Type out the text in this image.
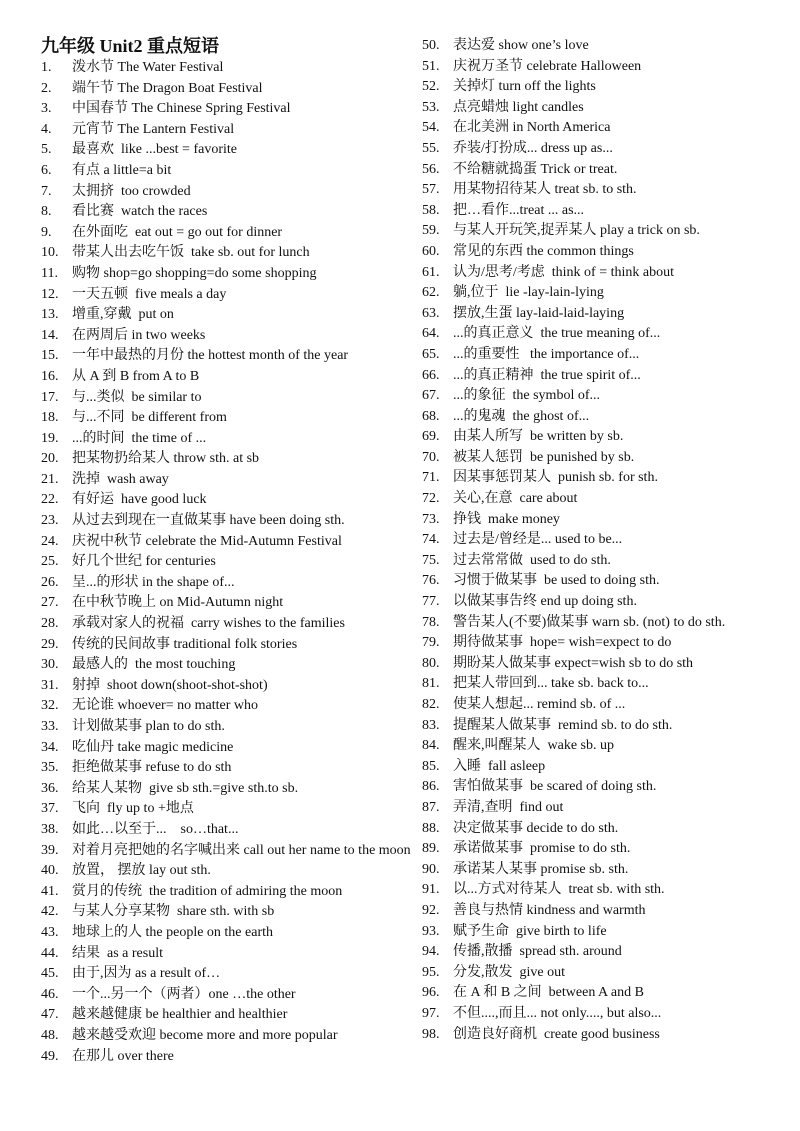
九年级 Unit2 重点短语
1.	泼水节 The Water Festival
2.	端午节 The Dragon Boat Festival
3.	中国春节 The Chinese Spring Festival
4.	元宵节 The Lantern Festival
5.	最喜欢  like ...best = favorite
6.	有点 a little=a bit
7.	太拥挤  too crowded
8.	看比赛  watch the races
9.	在外面吃  eat out = go out for dinner
10. 带某人出去吃午饭  take sb. out for lunch
11.	购物 shop=go shopping=do some shopping
12. 一天五顿  five meals a day
13. 增重,穿戴  put on
14. 在两周后 in two weeks
15. 一年中最热的月份 the hottest month of the year
16. 从 A 到 B from A to B
17. 与...类似  be similar to
18. 与...不同  be different from
19. ...的时间  the time of ...
20. 把某物扔给某人 throw sth. at sb
21. 洗掉  wash away
22. 有好运  have good luck
23. 从过去到现在一直做某事 have been doing sth.
24. 庆祝中秋节 celebrate the Mid-Autumn Festival
25. 好几个世纪 for centuries
26. 呈...的形状 in the shape of...
27. 在中秋节晚上 on Mid-Autumn night
28. 承载对家人的祝福  carry wishes to the families
29. 传统的民间故事 traditional folk stories
30. 最感人的  the most touching
31. 射掉  shoot down(shoot-shot-shot)
32. 无论谁 whoever= no matter who
33. 计划做某事 plan to do sth.
34. 吃仙丹 take magic medicine
35. 拒绝做某事 refuse to do sth
36. 给某人某物  give sb sth.=give sth.to sb.
37. 飞向  fly up to +地点
38. 如此…以至于...    so…that...
39. 对着月亮把她的名字喊出来 call out her name to the moon
40. 放置， 摆放 lay out sth.
41. 赏月的传统  the tradition of admiring the moon
42. 与某人分享某物  share sth. with sb
43. 地球上的人 the people on the earth
44. 结果  as a result
45. 由于,因为 as a result of…
46. 一个...另一个（两者）one …the other
47. 越来越健康 be healthier and healthier
48. 越来越受欢迎 become more and more popular
49. 在那儿 over there
50. 表达爱 show one’s love
51. 庆祝万圣节 celebrate Halloween
52. 关掉灯 turn off the lights
53. 点亮蜡烛 light candles
54. 在北美洲 in North America
55. 乔装/打扮成... dress up as...
56. 不给糖就捣蛋 Trick or treat.
57. 用某物招待某人 treat sb. to sth.
58. 把…看作...treat ... as...
59. 与某人开玩笑,捉弄某人 play a trick on sb.
60. 常见的东西 the common things
61. 认为/思考/考虑  think of = think about
62. 躺,位于  lie -lay-lain-lying
63. 摆放,生蛋 lay-laid-laid-laying
64. ...的真正意义  the true meaning of...
65. ...的重要性   the importance of...
66. ...的真正精神  the true spirit of...
67. ...的象征  the symbol of...
68. ...的鬼魂  the ghost of...
69. 由某人所写  be written by sb.
70. 被某人惩罚  be punished by sb.
71. 因某事惩罚某人  punish sb. for sth.
72. 关心,在意  care about
73. 挣钱  make money
74. 过去是/曾经是... used to be...
75. 过去常常做  used to do sth.
76. 习惯于做某事  be used to doing sth.
77. 以做某事告终 end up doing sth.
78. 警告某人(不要)做某事 warn sb. (not) to do sth.
79. 期待做某事  hope= wish=expect to do
80. 期盼某人做某事 expect=wish sb to do sth
81. 把某人带回到... take sb. back to...
82. 使某人想起... remind sb. of ...
83. 提醒某人做某事  remind sb. to do sth.
84. 醒来,叫醒某人  wake sb. up
85. 入睡  fall asleep
86. 害怕做某事  be scared of doing sth.
87. 弄清,查明  find out
88. 决定做某事 decide to do sth.
89. 承诺做某事  promise to do sth.
90. 承诺某人某事 promise sb. sth.
91. 以...方式对待某人  treat sb. with sth.
92. 善良与热情 kindness and warmth
93. 赋予生命  give birth to life
94. 传播,散播  spread sth. around
95. 分发,散发  give out
96. 在 A 和 B 之间  between A and B
97. 不但....,而且... not only...., but also...
98. 创造良好商机  create good business
